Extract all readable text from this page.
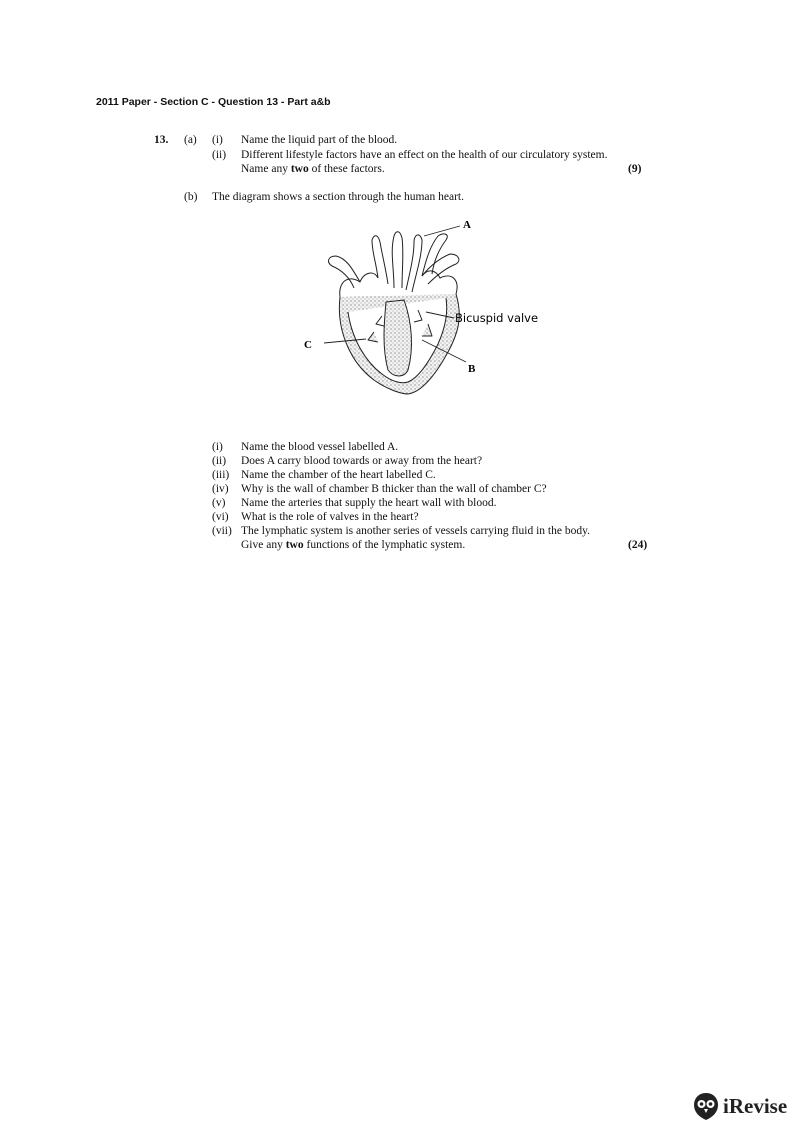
2011 Paper - Section C - Question 13 - Part a&b
13. (a) (i) Name the liquid part of the blood.
(ii) Different lifestyle factors have an effect on the health of our circulatory system.
Name any two of these factors.	(9)
(b) The diagram shows a section through the human heart.
A
Bicuspid valve
B
C
(i) Name the blood vessel labelled A.
(ii) Does A carry blood towards or away from the heart?
(iii) Name the chamber of the heart labelled C.
(iv) Why is the wall of chamber B thicker than the wall of chamber C?
(v) Name the arteries that supply the heart wall with blood.
(vi) What is the role of valves in the heart?
(vii) The lymphatic system is another series of vessels carrying fluid in the body.
Give any two functions of the lymphatic system.	(24)
iRevise
